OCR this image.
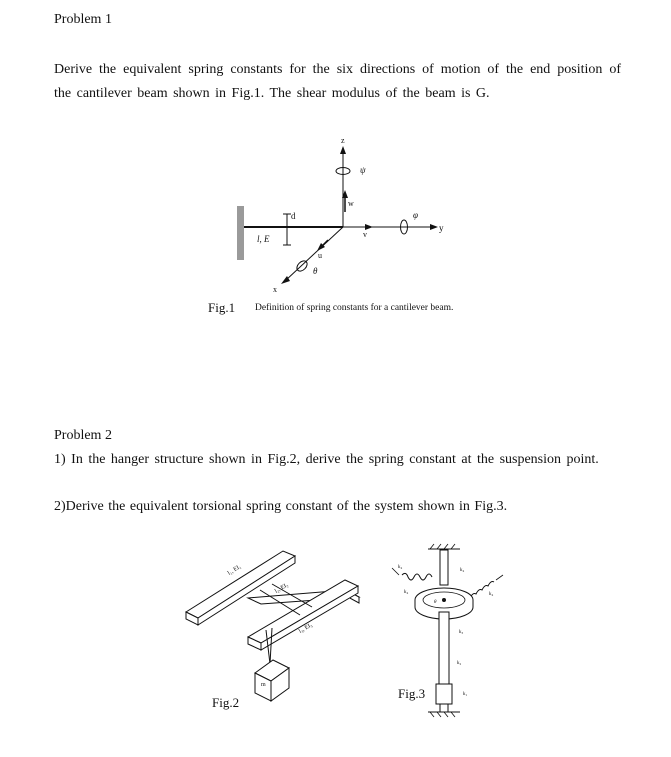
Problem 1

Derive the equivalent spring constants for the six directions of motion of the end position of the cantilever beam shown in Fig.1. The shear modulus of the beam is G.

z
ψ
w
d
l, E
u
v
φ
y
θ
x
Fig.1 Definition of spring constants for a cantilever beam.
Problem 2

1) In the hanger structure shown in Fig.2, derive the spring constant at the suspension point.

2)Derive the equivalent torsional spring constant of the system shown in Fig.3.

l₁, EI₁
l₂, EI₂
l₃, EI₃
m
Fig.2
k₄
k₄	k₄
k₄
θ
k₃
k₂
k₁
Fig.3
